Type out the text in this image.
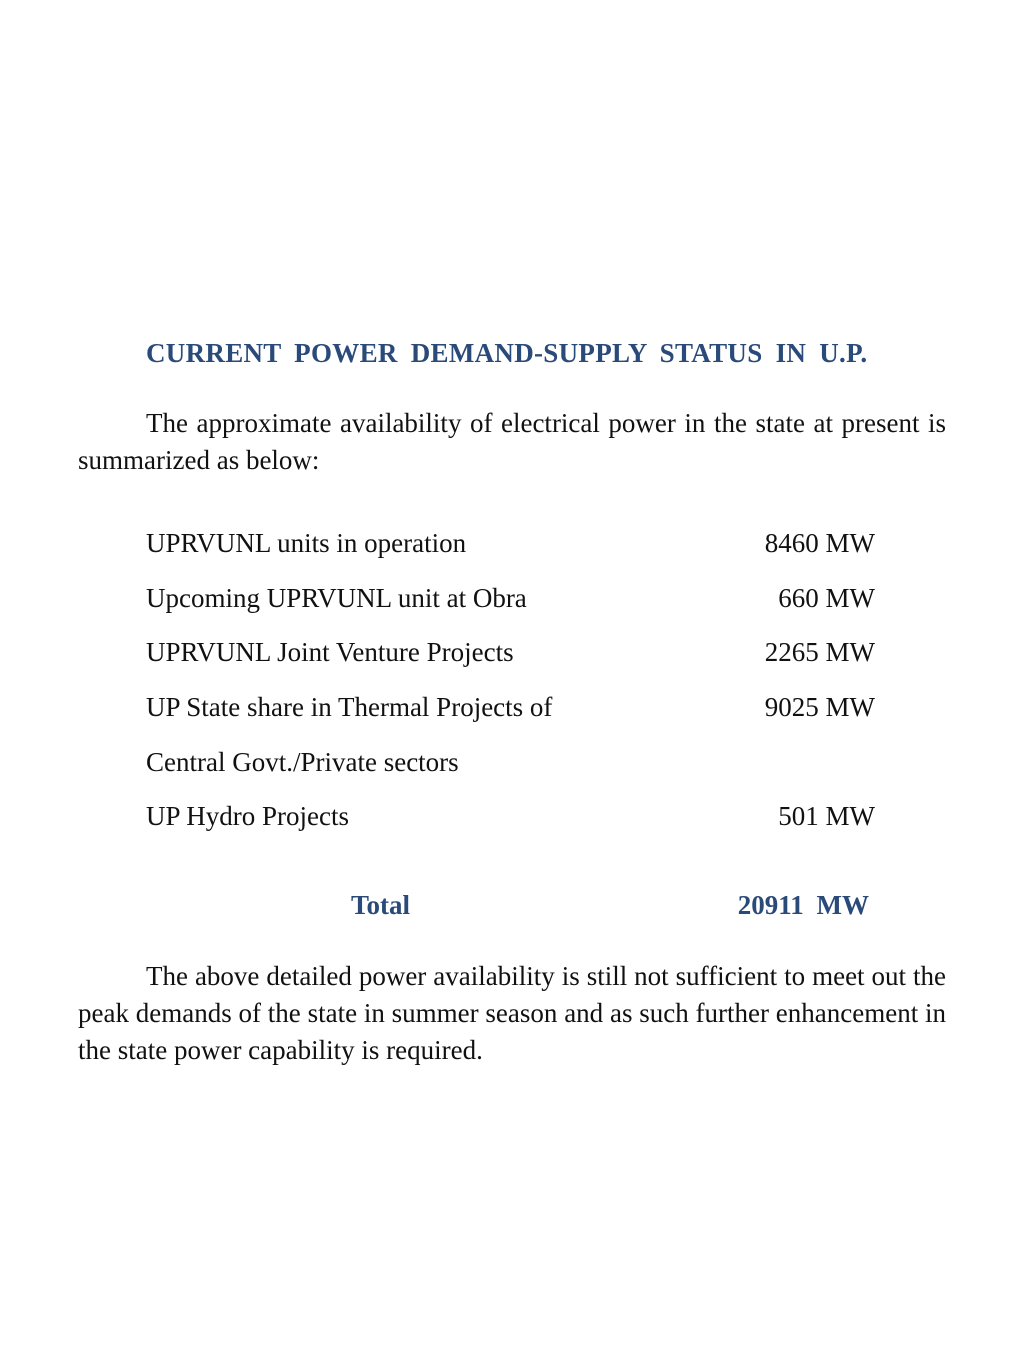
CURRENT POWER DEMAND-SUPPLY STATUS IN U.P.
The approximate availability of electrical power in the state at present is summarized as below:
UPRVUNL units in operation	8460 MW
Upcoming UPRVUNL unit at Obra	660 MW
UPRVUNL Joint Venture Projects	2265 MW
UP State share in Thermal Projects of	9025 MW
Central Govt./Private sectors
UP Hydro Projects	501 MW
Total	20911 MW
The above detailed power availability is still not sufficient to meet out the peak demands of the state in summer season and as such further enhancement in the state power capability is required.
